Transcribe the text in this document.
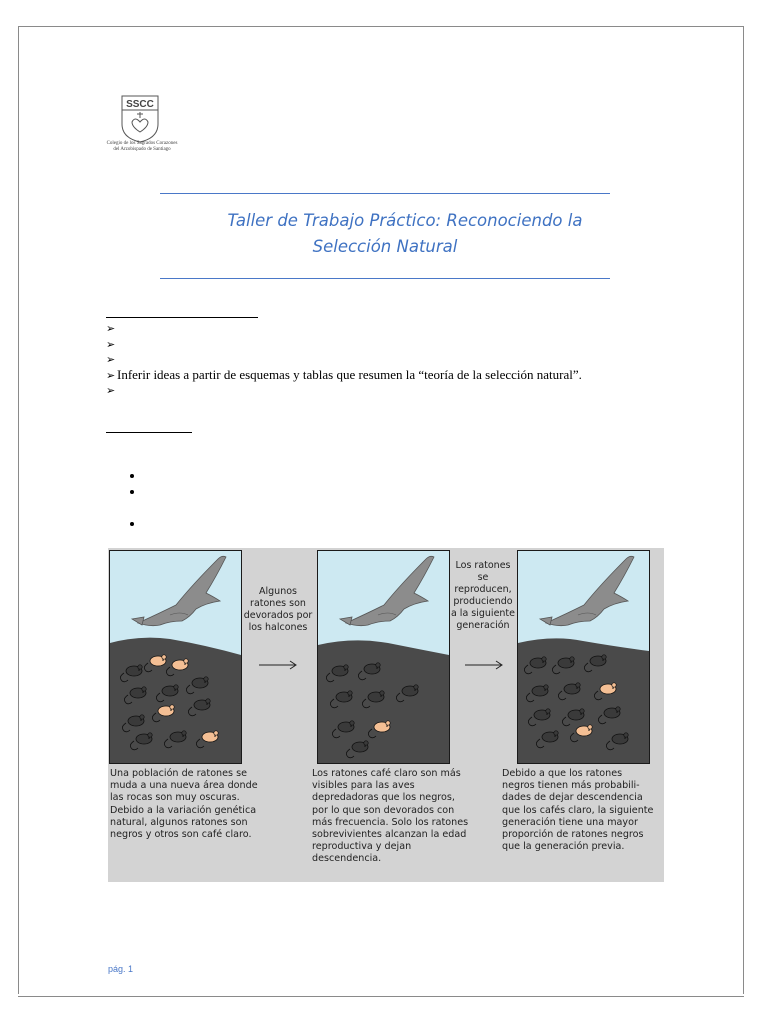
SSCC
Colegio de los Sagrados Corazones del Arzobispado de Santiago
Taller de Trabajo Práctico: Reconociendo la
Selección Natural
➢
➢
➢
➢ Inferir ideas a partir de esquemas y tablas que resumen la “teoría de la selección natural”.
➢
Algunos
ratones son
devorados por
los halcones
Los ratones
se
reproducen,
produciendo
a la siguiente
generación
Una población de ratones se
muda a una nueva área donde
las rocas son muy oscuras.
Debido a la variación genética
natural, algunos ratones son
negros y otros son café claro.
Los ratones café claro son más
visibles para las aves
depredadoras que los negros,
por lo que son devorados con
más frecuencia. Solo los ratones
sobrevivientes alcanzan la edad
reproductiva y dejan
descendencia.
Debido a que los ratones
negros tienen más probabili-
dades de dejar descendencia
que los cafés claro, la siguiente
generación tiene una mayor
proporción de ratones negros
que la generación previa.
pág. 1
